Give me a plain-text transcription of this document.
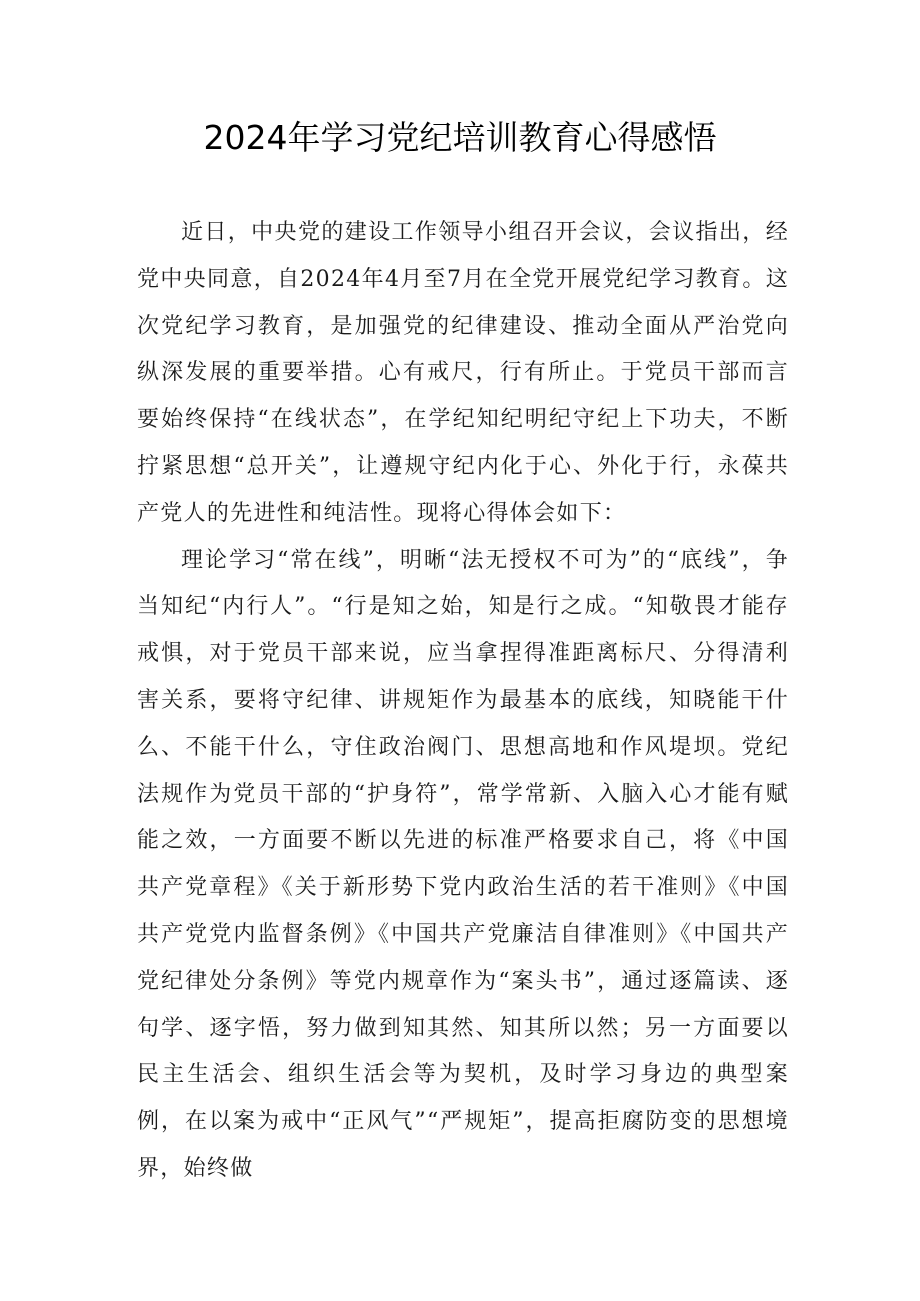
2024年学习党纪培训教育心得感悟

近日，中央党的建设工作领导小组召开会议，会议指出，经党中央同意，自2024年4月至7月在全党开展党纪学习教育。这次党纪学习教育，是加强党的纪律建设、推动全面从严治党向纵深发展的重要举措。心有戒尺，行有所止。于党员干部而言要始终保持“在线状态”，在学纪知纪明纪守纪上下功夫，不断拧紧思想“总开关”，让遵规守纪内化于心、外化于行，永葆共产党人的先进性和纯洁性。现将心得体会如下：

理论学习“常在线”，明晰“法无授权不可为”的“底线”，争当知纪“内行人”。“行是知之始，知是行之成。“知敬畏才能存戒惧，对于党员干部来说，应当拿捏得准距离标尺、分得清利害关系，要将守纪律、讲规矩作为最基本的底线，知晓能干什么、不能干什么，守住政治阀门、思想高地和作风堤坝。党纪法规作为党员干部的“护身符”，常学常新、入脑入心才能有赋能之效，一方面要不断以先进的标准严格要求自己，将《中国共产党章程》《关于新形势下党内政治生活的若干准则》《中国共产党党内监督条例》《中国共产党廉洁自律准则》《中国共产党纪律处分条例》等党内规章作为“案头书”，通过逐篇读、逐句学、逐字悟，努力做到知其然、知其所以然；另一方面要以民主生活会、组织生活会等为契机，及时学习身边的典型案例，在以案为戒中“正风气”“严规矩”，提高拒腐防变的思想境界，始终做
